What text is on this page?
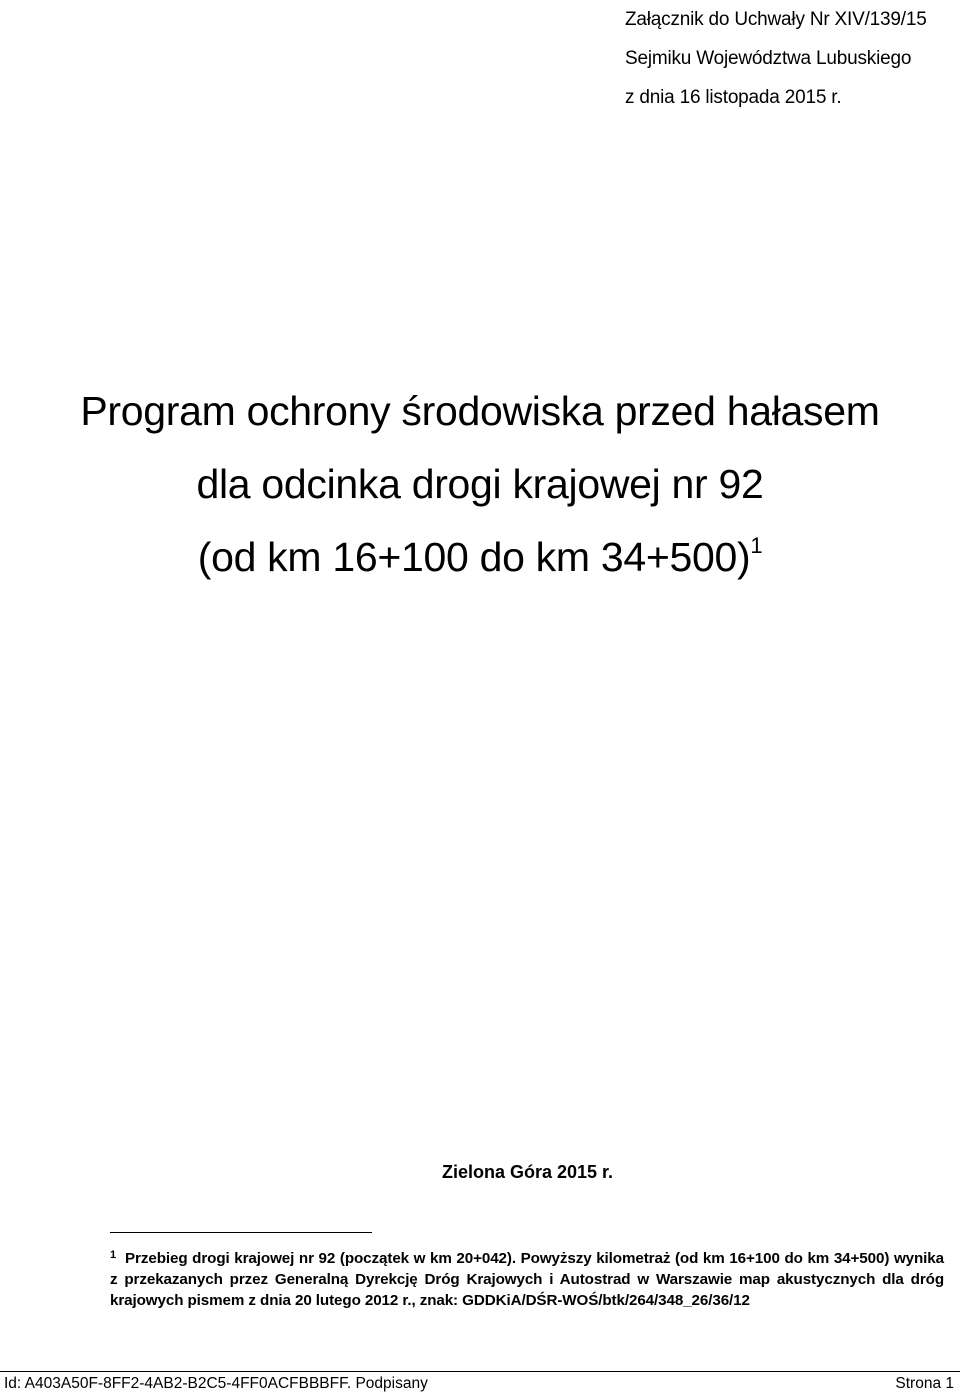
Załącznik do Uchwały Nr XIV/139/15
Sejmiku Województwa Lubuskiego
z dnia 16 listopada 2015 r.
Program ochrony środowiska przed hałasem
dla odcinka drogi krajowej nr 92
(od km 16+100 do km 34+500)$^1$
Zielona Góra 2015 r.
$^1$ Przebieg drogi krajowej nr 92 (początek w km 20+042). Powyższy kilometraż (od km 16+100 do km 34+500) wynika z przekazanych przez Generalną Dyrekcję Dróg Krajowych i Autostrad w Warszawie map akustycznych dla dróg krajowych pismem z dnia 20 lutego 2012 r., znak: GDDKiA/DŚR-WOŚ/btk/264/348_26/36/12
Id: A403A50F-8FF2-4AB2-B2C5-4FF0ACFBBBFF. Podpisany	Strona 1
